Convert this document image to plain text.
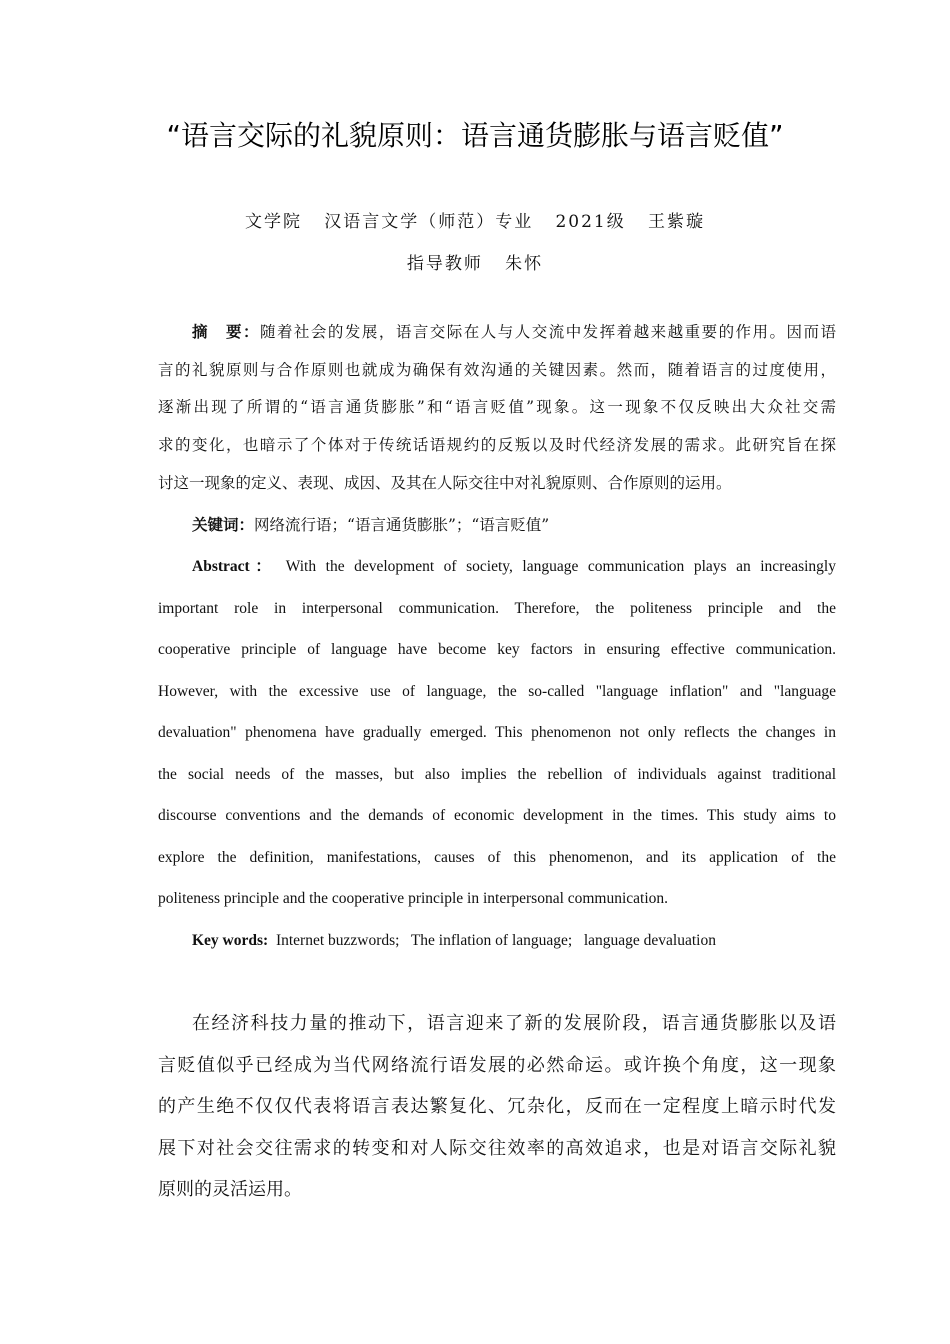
“语言交际的礼貌原则：语言通货膨胀与语言贬值”
文学院   汉语言文学（师范）专业   2021级   王紫璇
指导教师   朱怀
摘　要：随着社会的发展，语言交际在人与人交流中发挥着越来越重要的作用。因而语
言的礼貌原则与合作原则也就成为确保有效沟通的关键因素。然而，随着语言的过度使用，
逐渐出现了所谓的“语言通货膨胀”和“语言贬值”现象。这一现象不仅反映出大众社交需
求的变化，也暗示了个体对于传统话语规约的反叛以及时代经济发展的需求。此研究旨在探
讨这一现象的定义、表现、成因、及其在人际交往中对礼貌原则、合作原则的运用。
关键词：网络流行语；“语言通货膨胀”；“语言贬值”
Abstract： With the development of society, language communication plays an increasingly
important role in interpersonal communication. Therefore, the politeness principle and the
cooperative principle of language have become key factors in ensuring effective communication.
However, with the excessive use of language, the so-called "language inflation" and "language
devaluation" phenomena have gradually emerged. This phenomenon not only reflects the changes in
the social needs of the masses, but also implies the rebellion of individuals against traditional
discourse conventions and the demands of economic development in the times. This study aims to
explore the definition, manifestations, causes of this phenomenon, and its application of the
politeness principle and the cooperative principle in interpersonal communication.
Key words: Internet buzzwords;   The inflation of language;   language devaluation
在经济科技力量的推动下，语言迎来了新的发展阶段，语言通货膨胀以及语
言贬值似乎已经成为当代网络流行语发展的必然命运。或许换个角度，这一现象
的产生绝不仅仅代表将语言表达繁复化、冗杂化，反而在一定程度上暗示时代发
展下对社会交往需求的转变和对人际交往效率的高效追求，也是对语言交际礼貌
原则的灵活运用。
